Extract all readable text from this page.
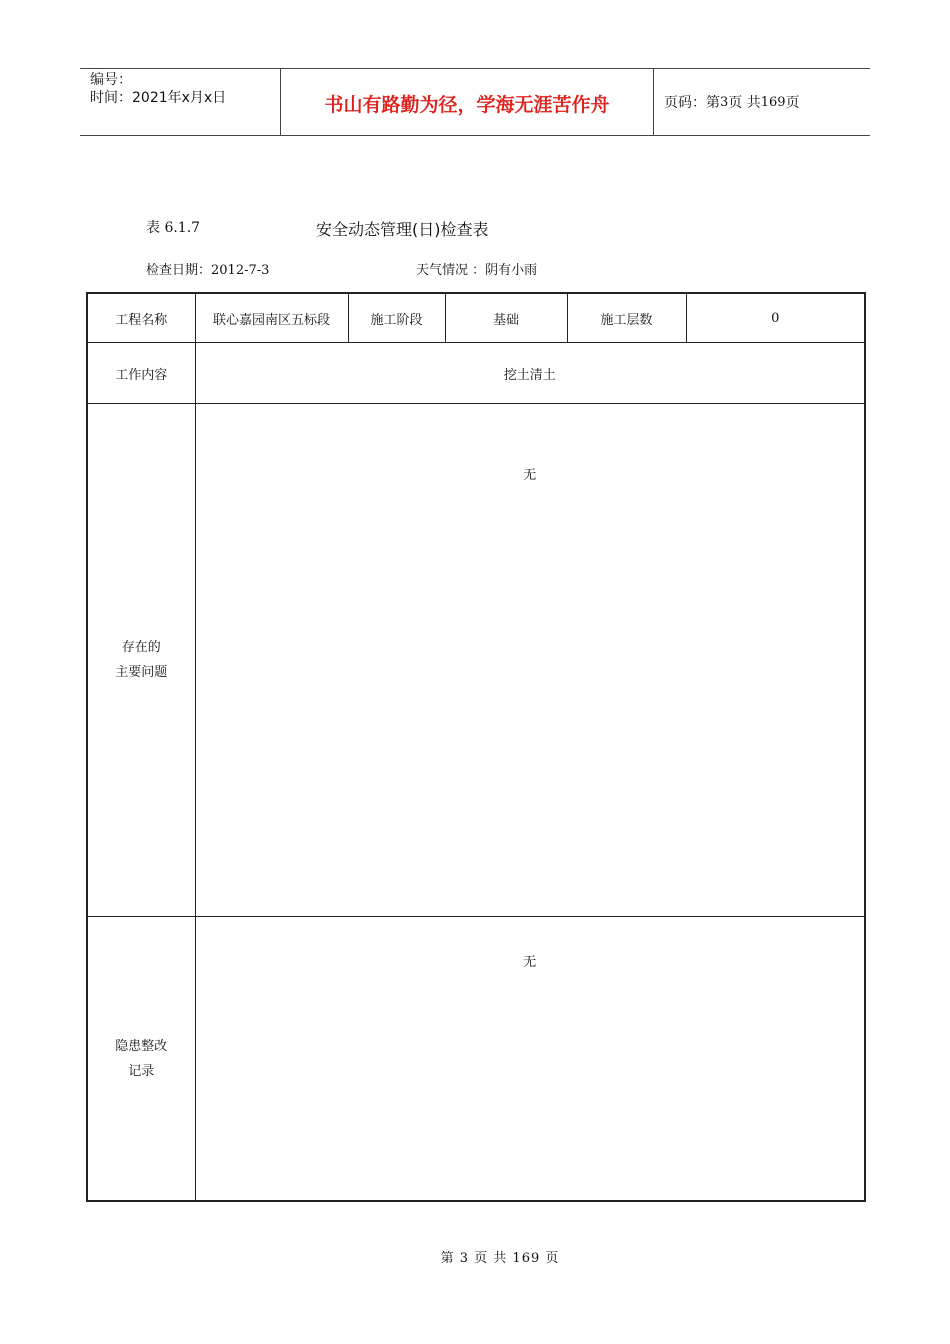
编号：
时间：2021年x月x日	书山有路勤为径，学海无涯苦作舟	页码：第 3 页 共 169 页
表 6.1.7	安全动态管理(日)检查表
检查日期：2012-7-3	天气情况 ：阴有小雨
工程名称	联心嘉园南区五标段	施工阶段	基础	施工层数	0
工作内容	挖土清土				

存在的
主要问题	无				

隐患整改
记录	无				
第 3 页 共 169 页
